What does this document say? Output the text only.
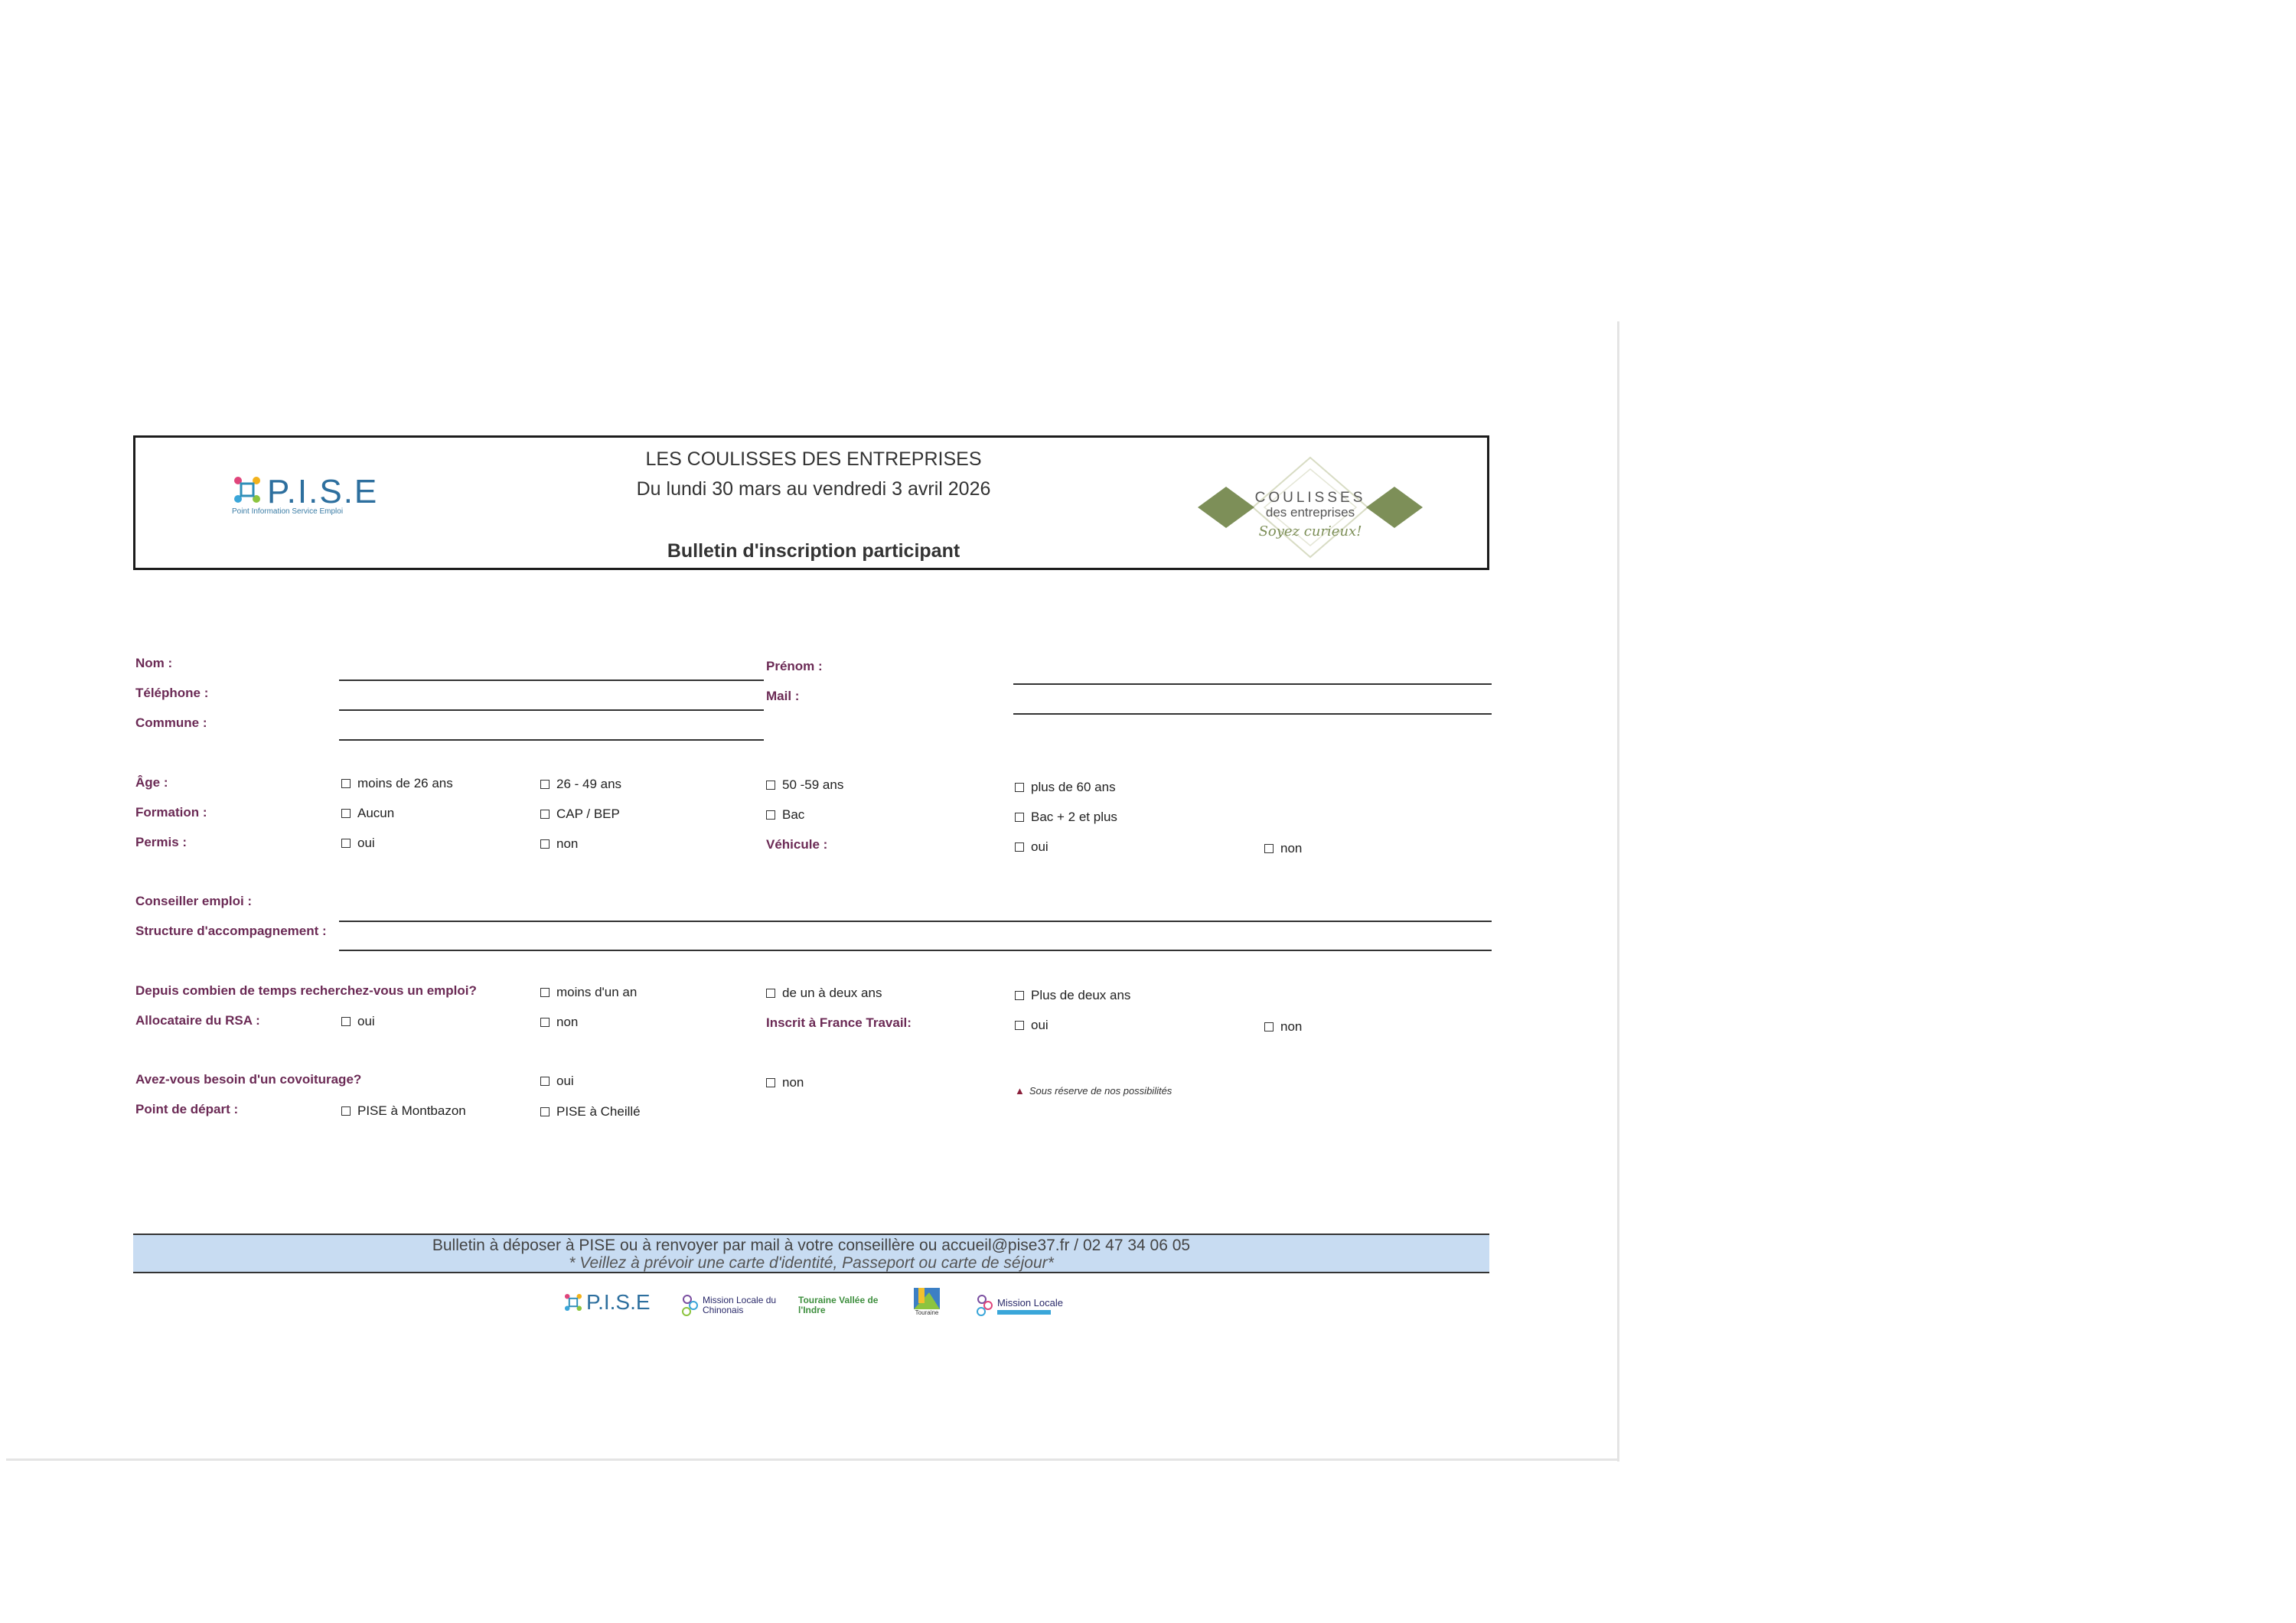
LES COULISSES DES ENTREPRISES
Du lundi 30 mars au vendredi 3 avril 2026
Bulletin d'inscription participant
P.I.S.E
Point Information Service Emploi
COULISSES
des entreprises
Soyez curieux!
Nom :	Prénom :
Téléphone :	Mail :
Commune :
Âge :	moins de 26 ans	26 - 49 ans	50 -59 ans	plus de 60 ans
Formation :	Aucun	CAP / BEP	Bac	Bac + 2 et plus
Permis :	oui	non	Véhicule :	oui	non
Conseiller emploi :
Structure d'accompagnement :
Depuis combien de temps recherchez-vous un emploi?	moins d'un an	de un à deux ans	Plus de deux ans
Allocataire du RSA :	oui	non	Inscrit à France Travail:	oui	non
Avez-vous besoin d'un covoiturage?	oui	non
▲ Sous réserve de nos possibilités
Point de départ :	PISE à Montbazon	PISE à Cheillé
Bulletin à déposer à PISE ou à renvoyer par mail à votre conseillère ou accueil@pise37.fr / 02 47 34 06 05
* Veillez à prévoir une carte d'identité, Passeport ou carte de séjour*
P.I.S.E	Mission Locale du Chinonais
Touraine Vallée de l'Indre	Touraine
Mission Locale
